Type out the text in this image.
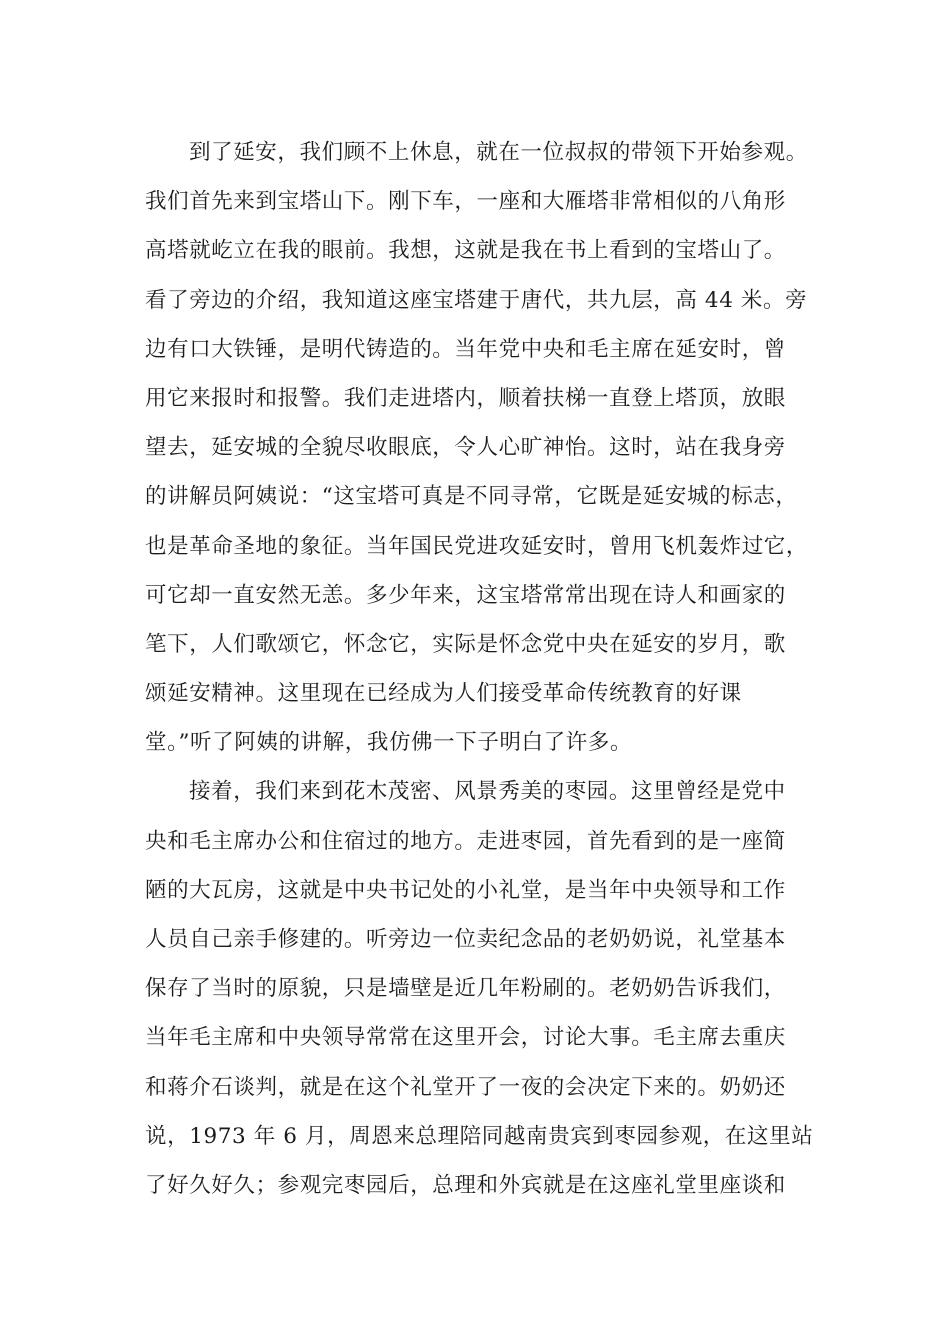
到了延安，我们顾不上休息，就在一位叔叔的带领下开始参观。
我们首先来到宝塔山下。刚下车，一座和大雁塔非常相似的八角形
高塔就屹立在我的眼前。我想，这就是我在书上看到的宝塔山了。
看了旁边的介绍，我知道这座宝塔建于唐代，共九层，高 44 米。旁
边有口大铁锤，是明代铸造的。当年党中央和毛主席在延安时，曾
用它来报时和报警。我们走进塔内，顺着扶梯一直登上塔顶，放眼
望去，延安城的全貌尽收眼底，令人心旷神怡。这时，站在我身旁
的讲解员阿姨说：“这宝塔可真是不同寻常，它既是延安城的标志，
也是革命圣地的象征。当年国民党进攻延安时，曾用飞机轰炸过它，
可它却一直安然无恙。多少年来，这宝塔常常出现在诗人和画家的
笔下，人们歌颂它，怀念它，实际是怀念党中央在延安的岁月，歌
颂延安精神。这里现在已经成为人们接受革命传统教育的好课
堂。”听了阿姨的讲解，我仿佛一下子明白了许多。
接着，我们来到花木茂密、风景秀美的枣园。这里曾经是党中
央和毛主席办公和住宿过的地方。走进枣园，首先看到的是一座简
陋的大瓦房，这就是中央书记处的小礼堂，是当年中央领导和工作
人员自己亲手修建的。听旁边一位卖纪念品的老奶奶说，礼堂基本
保存了当时的原貌，只是墙壁是近几年粉刷的。老奶奶告诉我们，
当年毛主席和中央领导常常在这里开会，讨论大事。毛主席去重庆
和蒋介石谈判，就是在这个礼堂开了一夜的会决定下来的。奶奶还
说，1973 年 6 月，周恩来总理陪同越南贵宾到枣园参观，在这里站
了好久好久；参观完枣园后，总理和外宾就是在这座礼堂里座谈和
